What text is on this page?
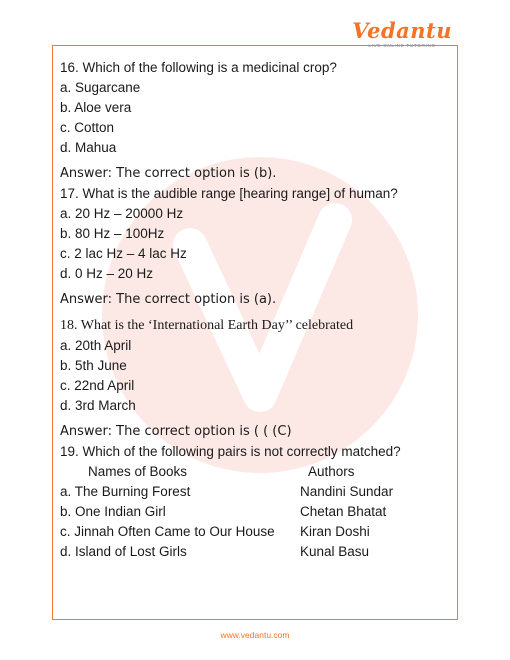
Vedantu
LIVE ONLINE TUTORING
16. Which of the following is a medicinal crop?
a. Sugarcane
b. Aloe vera
c. Cotton
d. Mahua
Answer: The correct option is (b).
17. What is the audible range [hearing range] of human?
a. 20 Hz – 20000 Hz
b. 80 Hz – 100Hz
c. 2 lac Hz – 4 lac Hz
d. 0 Hz – 20 Hz
Answer: The correct option is (a).
18. What is the ‘International Earth Day’’ celebrated
a. 20th April
b. 5th June
c. 22nd April
d. 3rd March
Answer: The correct option is ( ( (C)
19. Which of the following pairs is not correctly matched?
Names of Books	Authors
a. The Burning Forest	Nandini Sundar
b. One Indian Girl	Chetan Bhatat
c. Jinnah Often Came to Our House	Kiran Doshi
d. Island of Lost Girls	Kunal Basu
www.vedantu.com
